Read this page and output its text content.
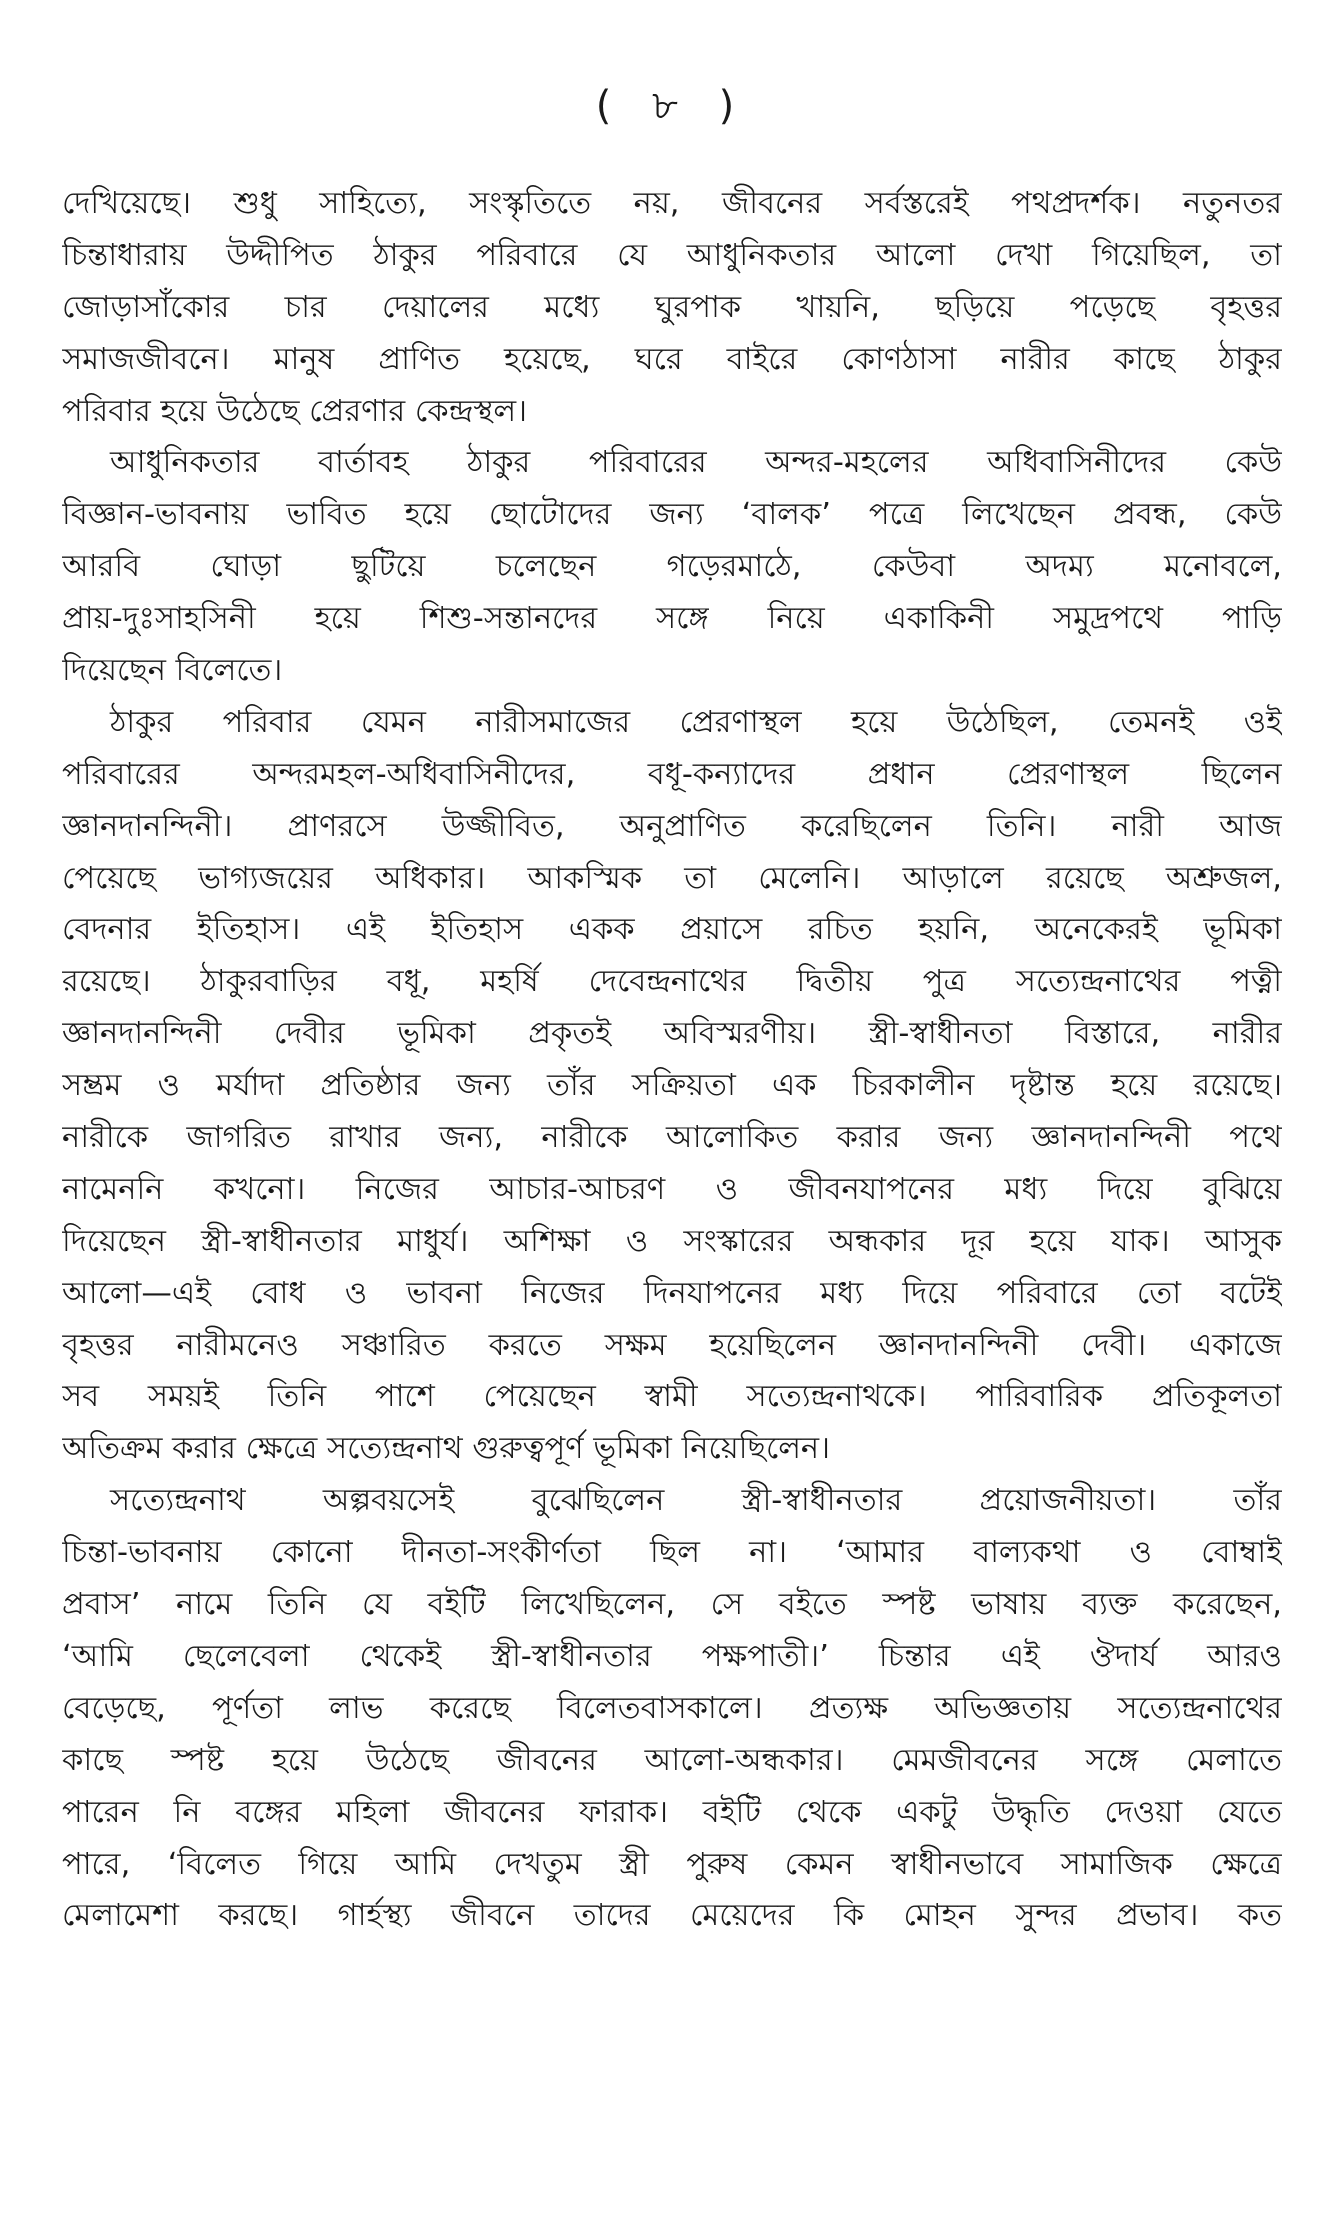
( ৮ )
দেখিয়েছে। শুধু সাহিত্যে, সংস্কৃতিতে নয়, জীবনের সর্বস্তরেই পথপ্রদর্শক। নতুনতর
চিন্তাধারায় উদ্দীপিত ঠাকুর পরিবারে যে আধুনিকতার আলো দেখা গিয়েছিল, তা
জোড়াসাঁকোর চার দেয়ালের মধ্যে ঘুরপাক খায়নি, ছড়িয়ে পড়েছে বৃহত্তর
সমাজজীবনে। মানুষ প্রাণিত হয়েছে, ঘরে বাইরে কোণঠাসা নারীর কাছে ঠাকুর
পরিবার হয়ে উঠেছে প্রেরণার কেন্দ্রস্থল।
আধুনিকতার বার্তাবহ ঠাকুর পরিবারের অন্দর-মহলের অধিবাসিনীদের কেউ
বিজ্ঞান-ভাবনায় ভাবিত হয়ে ছোটোদের জন্য ‘বালক’ পত্রে লিখেছেন প্রবন্ধ, কেউ
আরবি ঘোড়া ছুটিয়ে চলেছেন গড়েরমাঠে, কেউবা অদম্য মনোবলে,
প্রায়-দুঃসাহসিনী হয়ে শিশু-সন্তানদের সঙ্গে নিয়ে একাকিনী সমুদ্রপথে পাড়ি
দিয়েছেন বিলেতে।
ঠাকুর পরিবার যেমন নারীসমাজের প্রেরণাস্থল হয়ে উঠেছিল, তেমনই ওই
পরিবারের অন্দরমহল-অধিবাসিনীদের, বধূ-কন্যাদের প্রধান প্রেরণাস্থল ছিলেন
জ্ঞানদানন্দিনী। প্রাণরসে উজ্জীবিত, অনুপ্রাণিত করেছিলেন তিনি। নারী আজ
পেয়েছে ভাগ্যজয়ের অধিকার। আকস্মিক তা মেলেনি। আড়ালে রয়েছে অশ্রুজল,
বেদনার ইতিহাস। এই ইতিহাস একক প্রয়াসে রচিত হয়নি, অনেকেরই ভূমিকা
রয়েছে। ঠাকুরবাড়ির বধূ, মহর্ষি দেবেন্দ্রনাথের দ্বিতীয় পুত্র সত্যেন্দ্রনাথের পত্নী
জ্ঞানদানন্দিনী দেবীর ভূমিকা প্রকৃতই অবিস্মরণীয়। স্ত্রী-স্বাধীনতা বিস্তারে, নারীর
সম্ভ্রম ও মর্যাদা প্রতিষ্ঠার জন্য তাঁর সক্রিয়তা এক চিরকালীন দৃষ্টান্ত হয়ে রয়েছে।
নারীকে জাগরিত রাখার জন্য, নারীকে আলোকিত করার জন্য জ্ঞানদানন্দিনী পথে
নামেননি কখনো। নিজের আচার-আচরণ ও জীবনযাপনের মধ্য দিয়ে বুঝিয়ে
দিয়েছেন স্ত্রী-স্বাধীনতার মাধুর্য। অশিক্ষা ও সংস্কারের অন্ধকার দূর হয়ে যাক। আসুক
আলো—এই বোধ ও ভাবনা নিজের দিনযাপনের মধ্য দিয়ে পরিবারে তো বটেই
বৃহত্তর নারীমনেও সঞ্চারিত করতে সক্ষম হয়েছিলেন জ্ঞানদানন্দিনী দেবী। একাজে
সব সময়ই তিনি পাশে পেয়েছেন স্বামী সত্যেন্দ্রনাথকে। পারিবারিক প্রতিকূলতা
অতিক্রম করার ক্ষেত্রে সত্যেন্দ্রনাথ গুরুত্বপূর্ণ ভূমিকা নিয়েছিলেন।
সত্যেন্দ্রনাথ অল্পবয়সেই বুঝেছিলেন স্ত্রী-স্বাধীনতার প্রয়োজনীয়তা। তাঁর
চিন্তা-ভাবনায় কোনো দীনতা-সংকীর্ণতা ছিল না। ‘আমার বাল্যকথা ও বোম্বাই
প্রবাস’ নামে তিনি যে বইটি লিখেছিলেন, সে বইতে স্পষ্ট ভাষায় ব্যক্ত করেছেন,
‘আমি ছেলেবেলা থেকেই স্ত্রী-স্বাধীনতার পক্ষপাতী।’ চিন্তার এই ঔদার্য আরও
বেড়েছে, পূর্ণতা লাভ করেছে বিলেতবাসকালে। প্রত্যক্ষ অভিজ্ঞতায় সত্যেন্দ্রনাথের
কাছে স্পষ্ট হয়ে উঠেছে জীবনের আলো-অন্ধকার। মেমজীবনের সঙ্গে মেলাতে
পারেন নি বঙ্গের মহিলা জীবনের ফারাক। বইটি থেকে একটু উদ্ধৃতি দেওয়া যেতে
পারে, ‘বিলেত গিয়ে আমি দেখতুম স্ত্রী পুরুষ কেমন স্বাধীনভাবে সামাজিক ক্ষেত্রে
মেলামেশা করছে। গার্হস্থ্য জীবনে তাদের মেয়েদের কি মোহন সুন্দর প্রভাব। কত
